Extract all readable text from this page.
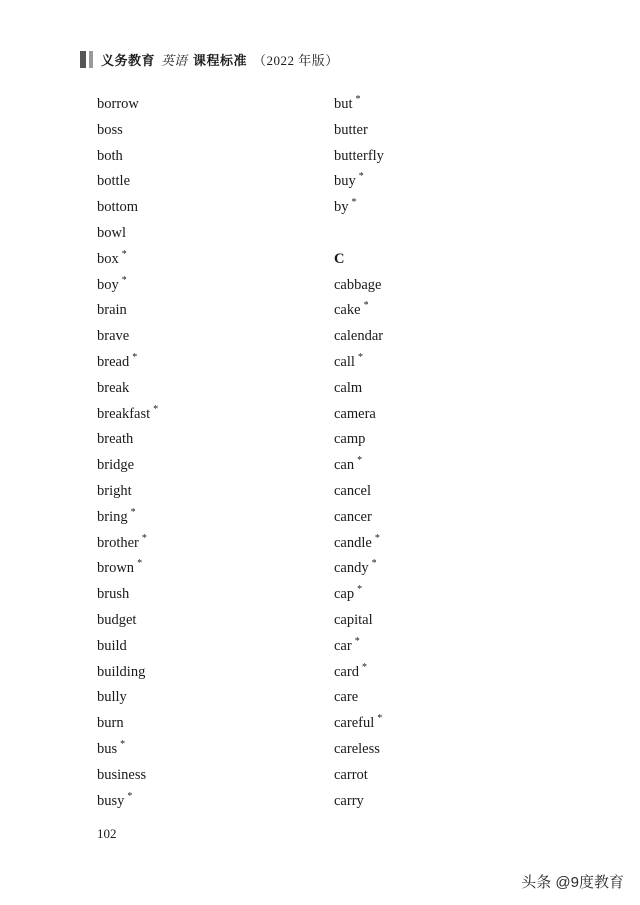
义务教育 英语 课程标准 （2022 年版）
borrow
boss
both
bottle
bottom
bowl
box *
boy *
brain
brave
bread *
break
breakfast *
breath
bridge
bright
bring *
brother *
brown *
brush
budget
build
building
bully
burn
bus *
business
busy *
but *
butter
butterfly
buy *
by *
C
cabbage
cake *
calendar
call *
calm
camera
camp
can *
cancel
cancer
candle *
candy *
cap *
capital
car *
card *
care
careful *
careless
carrot
carry
102
头条 @9度教育
